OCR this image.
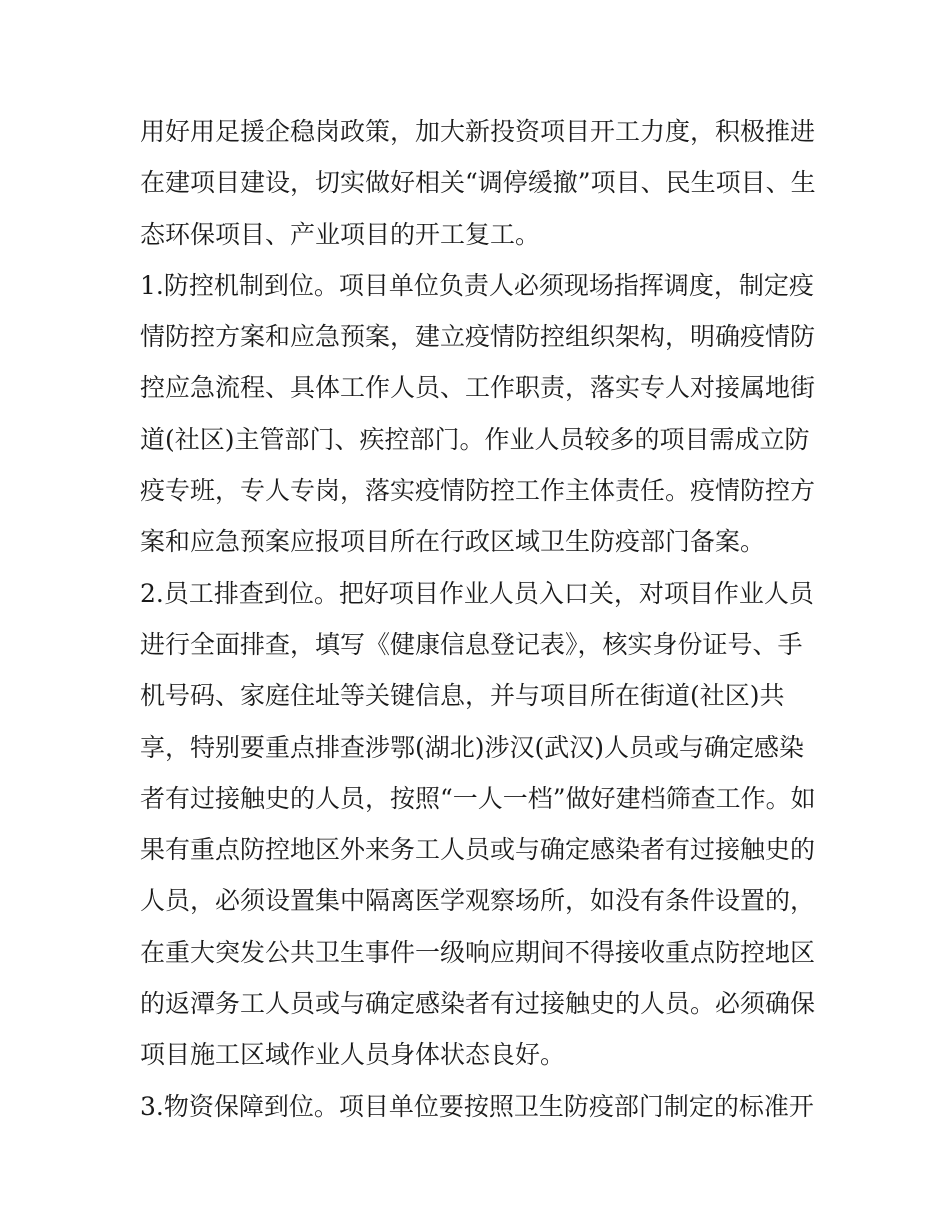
用好用足援企稳岗政策，加大新投资项目开工力度，积极推进
在建项目建设，切实做好相关“调停缓撤”项目、民生项目、生
态环保项目、产业项目的开工复工。
1.防控机制到位。项目单位负责人必须现场指挥调度，制定疫
情防控方案和应急预案，建立疫情防控组织架构，明确疫情防
控应急流程、具体工作人员、工作职责，落实专人对接属地街
道(社区)主管部门、疾控部门。作业人员较多的项目需成立防
疫专班，专人专岗，落实疫情防控工作主体责任。疫情防控方
案和应急预案应报项目所在行政区域卫生防疫部门备案。
2.员工排查到位。把好项目作业人员入口关，对项目作业人员
进行全面排查，填写《健康信息登记表》，核实身份证号、手
机号码、家庭住址等关键信息，并与项目所在街道(社区)共
享，特别要重点排查涉鄂(湖北)涉汉(武汉)人员或与确定感染
者有过接触史的人员，按照“一人一档”做好建档筛查工作。如
果有重点防控地区外来务工人员或与确定感染者有过接触史的
人员，必须设置集中隔离医学观察场所，如没有条件设置的，
在重大突发公共卫生事件一级响应期间不得接收重点防控地区
的返潭务工人员或与确定感染者有过接触史的人员。必须确保
项目施工区域作业人员身体状态良好。
3.物资保障到位。项目单位要按照卫生防疫部门制定的标准开
